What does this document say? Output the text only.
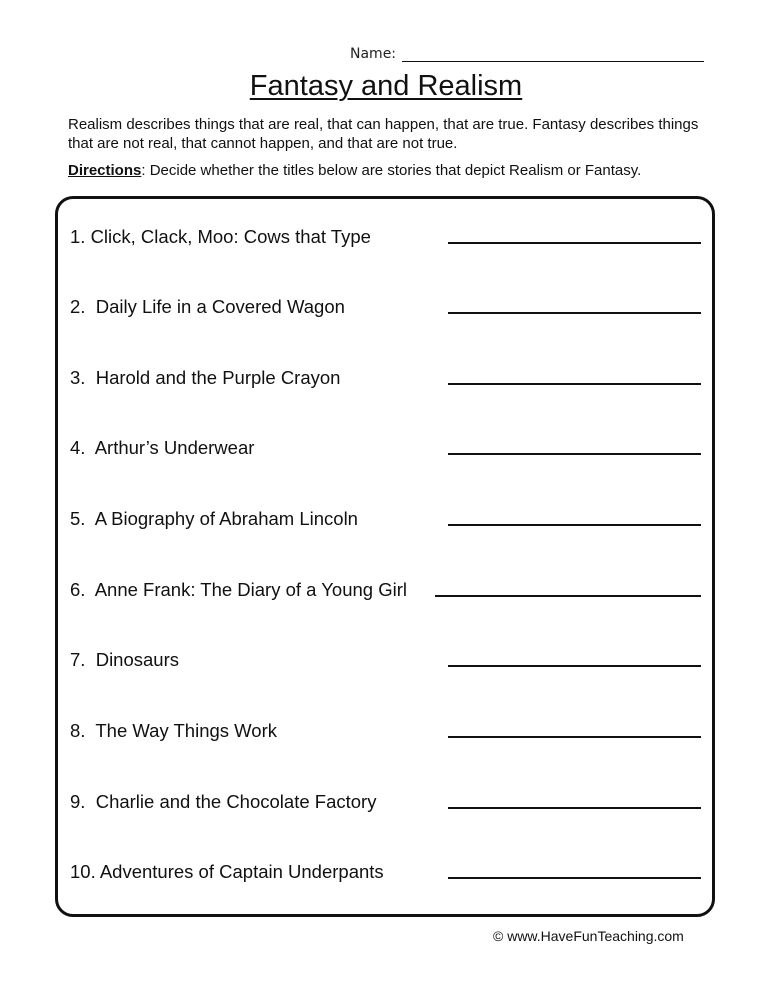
Name:
Fantasy and Realism
Realism describes things that are real, that can happen, that are true. Fantasy describes things that are not real, that cannot happen, and that are not true.
Directions: Decide whether the titles below are stories that depict Realism or Fantasy.
1. Click, Clack, Moo: Cows that Type
2.  Daily Life in a Covered Wagon
3.  Harold and the Purple Crayon
4.  Arthur’s Underwear
5.  A Biography of Abraham Lincoln
6.  Anne Frank: The Diary of a Young Girl
7.  Dinosaurs
8.  The Way Things Work
9.  Charlie and the Chocolate Factory
10. Adventures of Captain Underpants
© www.HaveFunTeaching.com
